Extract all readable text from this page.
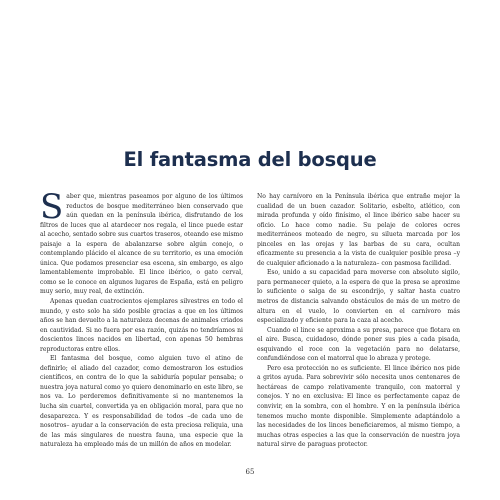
El fantasma del bosque

Saber que, mientras paseamos por alguno de los últimos reductos de bosque mediterráneo bien conservado que aún quedan en la península ibérica, disfrutando de los filtros de luces que al atardecer nos regala, el lince puede estar al acecho, sentado sobre sus cuartos traseros, oteando ese mismo paisaje a la espera de abalanzarse sobre algún conejo, o contemplando plácido el alcance de su territorio, es una emoción única. Que podamos presenciar esa escena, sin embargo, es algo lamentablemente improbable. El lince ibérico, o gato cerval, como se le conoce en algunos lugares de España, está en peligro muy serio, muy real, de extinción.

Apenas quedan cuatrocientos ejemplares silvestres en todo el mundo, y esto solo ha sido posible gracias a que en los últimos años se han devuelto a la naturaleza decenas de animales criados en cautividad. Si no fuera por esa razón, quizás no tendríamos ni doscientos linces nacidos en libertad, con apenas 50 hembras reproductoras entre ellos.

El fantasma del bosque, como alguien tuvo el atino de definirlo; el aliado del cazador, como demostraron los estudios científicos, en contra de lo que la sabiduría popular pensaba; o nuestra joya natural como yo quiero denominarlo en este libro, se nos va. Lo perderemos definitivamente si no mantenemos la lucha sin cuartel, convertida ya en obligación moral, para que no desaparezca. Y es responsabilidad de todos –de cada uno de nosotros– ayudar a la conservación de esta preciosa reliquia, una de las más singulares de nuestra fauna, una especie que la naturaleza ha empleado más de un millón de años en modelar.

No hay carnívoro en la Península ibérica que entrañe mejor la cualidad de un buen cazador. Solitario, esbelto, atlético, con mirada profunda y oído finísimo, el lince ibérico sabe hacer su oficio. Lo hace como nadie. Su pelaje de colores ocres mediterráneos moteado de negro, su silueta marcada por los pinceles en las orejas y las barbas de su cara, ocultan eficazmente su presencia a la vista de cualquier posible presa –y de cualquier aficionado a la naturaleza– con pasmosa facilidad.

Eso, unido a su capacidad para moverse con absoluto sigilo, para permanecer quieto, a la espera de que la presa se aproxime lo suficiente o salga de su escondrijo, y saltar hasta cuatro metros de distancia salvando obstáculos de más de un metro de altura en el vuelo, lo convierten en el carnívoro más especializado y eficiente para la caza al acecho.

Cuando el lince se aproxima a su presa, parece que flotara en el aire. Busca, cuidadoso, dónde poner sus pies a cada pisada, esquivando el roce con la vegetación para no delatarse, confundiéndose con el matorral que lo abraza y protege.

Pero esa protección no es suficiente. El lince ibérico nos pide a gritos ayuda. Para sobrevivir sólo necesita unos centenares de hectáreas de campo relativamente tranquilo, con matorral y conejos. Y no en exclusiva: El lince es perfectamente capaz de convivir, en la sombra, con el hombre. Y en la península ibérica tenemos mucho monte disponible. Simplemente adaptándolo a las necesidades de los linces beneficiaremos, al mismo tiempo, a muchas otras especies a las que la conservación de nuestra joya natural sirve de paraguas protector.

65
